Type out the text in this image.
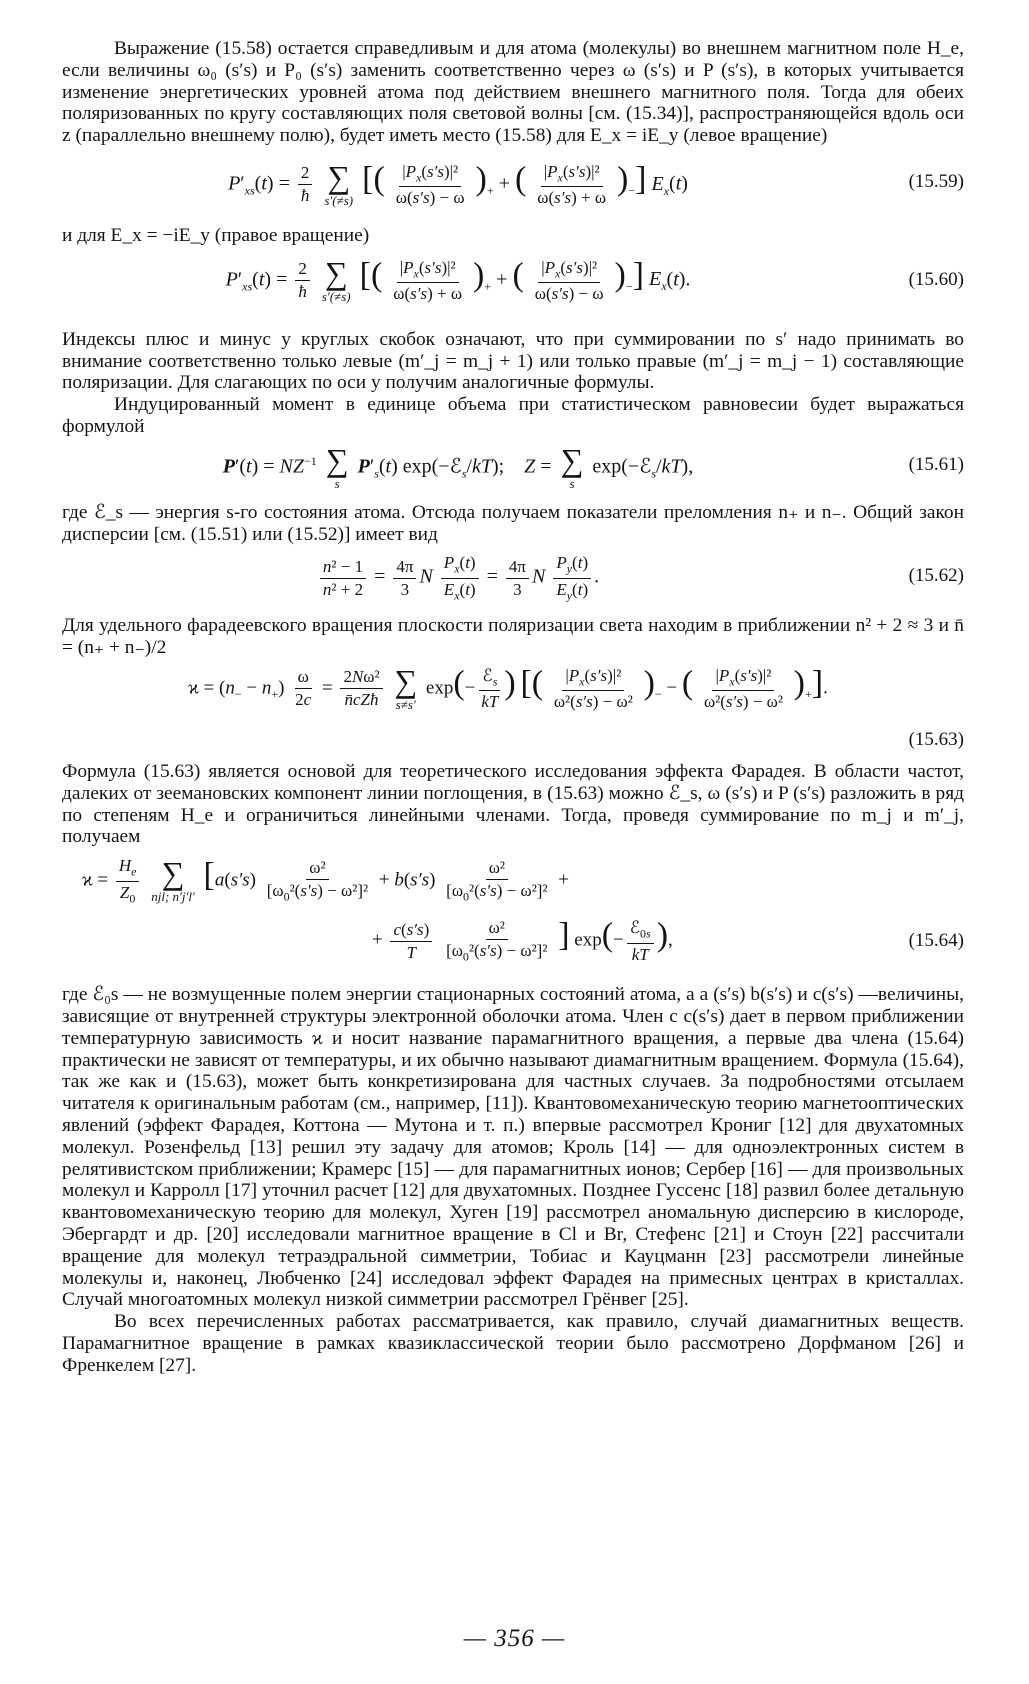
Выражение (15.58) остается справедливым и для атома (молекулы) во внешнем магнитном поле H_e, если величины ω₀ (s′s) и P₀ (s′s) заменить соответственно через ω (s′s) и P (s′s), в которых учитывается изменение энергетических уровней атома под действием внешнего магнитного поля. Тогда для обеих поляризованных по кругу составляющих поля световой волны [см. (15.34)], распространяющейся вдоль оси z (параллельно внешнему полю), будет иметь место (15.58) для E_x = iE_y (левое вращение)

$P'_{xs}(t) = \frac{2}{ħ}$
∑
s′(≠s)
[( $\frac{|P_x(s's)|^2}{\omega(s's) - \omega} )_+$ + ( $\frac{|P_x(s's)|^2}{\omega(s's) + \omega} )_-$] $E_x(t)$	(15.59)

и для E_x = −iE_y (правое вращение)

$P'_{xs}(t) = \frac{2}{ħ}$
∑
s′(≠s)
[( $\frac{|P_x(s's)|^2}{\omega(s's) + \omega} )_+$ + ( $\frac{|P_x(s's)|^2}{\omega(s's) - \omega} )_-$] $E_x(t)$.	(15.60)

Индексы плюс и минус у круглых скобок означают, что при суммировании по s′ надо принимать во внимание соответственно только левые (m′_j = m_j + 1) или только правые (m′_j = m_j − 1) составляющие поляризации. Для слагающих по оси y получим аналогичные формулы.

Индуцированный момент в единице объема при статистическом равновесии будет выражаться формулой

$P'(t) = NZ^{-1}$ ∑
s
$P'_s(t)$ exp(−ℰ$_s$/kT);    Z = ∑
s
exp(−ℰ$_s$/kT),	(15.61)

где ℰ_s — энергия s-го состояния атома. Отсюда получаем показатели преломления n₊ и n₋. Общий закон дисперсии [см. (15.51) или (15.52)] имеет вид

$\frac{\text{n² − 1}}{\text{n² + 2}} = \frac{4\pi}{3}$ N $\frac{P_x(t)}{E_x(t)} = \frac{4\pi}{3}$ N $\frac{P_y(t)}{E_y(t)}$ .	(15.62)

Для удельного фарадеевского вращения плоскости поляризации света находим в приближении n² + 2 ≈ 3 и n̄ = (n₊ + n₋)/2

$ϰ = (n_- - n_+) \frac{\omega}{2c}$ =
2Nω²
n̄cZħ

∑
s≠s′
exp(−
ℰ$_s$
kT
) [( $\frac{|P_x(s's)|^2}{\text{ω²(s′s) − ω²}} )_-$ − ( $\frac{|P_x(s's)|^2}{\text{ω²(s′s) − ω²}} )_+$].
(15.63)

Формула (15.63) является основой для теоретического исследования эффекта Фарадея. В области частот, далеких от зеемановских компонент линии поглощения, в (15.63) можно ℰ_s, ω (s′s) и P (s′s) разложить в ряд по степеням H_e и ограничиться линейными членами. Тогда, проведя суммирование по m_j и m′_j, получаем

$ϰ = \frac{H_e}{Z_0}$
∑
njl; n′j′l′
[$a(s's) \frac{\text{ω²}}{[\omega_0^2(s's) - \omega^2]^2} + b(s's) \frac{\text{ω²}}{[\omega_0^2(s's) - \omega^2]^2}$ +
+ $\frac{c(s's)}{T}$
$\frac{\text{ω²}}{[\omega_0^2(s's) - \omega^2]^2}$ ] exp(−
ℰ$_{0s}$
kT
),	(15.64)

где ℰ₀s — не возмущенные полем энергии стационарных состояний атома, а a (s′s) b(s′s) и c(s′s) —величины, зависящие от внутренней структуры электронной оболочки атома. Член с c(s′s) дает в первом приближении температурную зависимость ϰ и носит название парамагнитного вращения, а первые два члена (15.64) практически не зависят от температуры, и их обычно называют диамагнитным вращением. Формула (15.64), так же как и (15.63), может быть конкретизирована для частных случаев. За подробностями отсылаем читателя к оригинальным работам (см., например, [11]). Квантовомеханическую теорию магнетооптических явлений (эффект Фарадея, Коттона — Мутона и т. п.) впервые рассмотрел Крониг [12] для двухатомных молекул. Розенфельд [13] решил эту задачу для атомов; Кроль [14] — для одноэлектронных систем в релятивистском приближении; Крамерс [15] — для парамагнитных ионов; Сербер [16] — для произвольных молекул и Карролл [17] уточнил расчет [12] для двухатомных. Позднее Гуссенс [18] развил более детальную квантовомеханическую теорию для молекул, Хуген [19] рассмотрел аномальную дисперсию в кислороде, Эбергардт и др. [20] исследовали магнитное вращение в Cl и Br, Стефенс [21] и Стоун [22] рассчитали вращение для молекул тетраэдральной симметрии, Тобиас и Кауцманн [23] рассмотрели линейные молекулы и, наконец, Любченко [24] исследовал эффект Фарадея на примесных центрах в кристаллах. Случай многоатомных молекул низкой симметрии рассмотрел Грёнвег [25].

Во всех перечисленных работах рассматривается, как правило, случай диамагнитных веществ. Парамагнитное вращение в рамках квазиклассической теории было рассмотрено Дорфманом [26] и Френкелем [27].

— 356 —
